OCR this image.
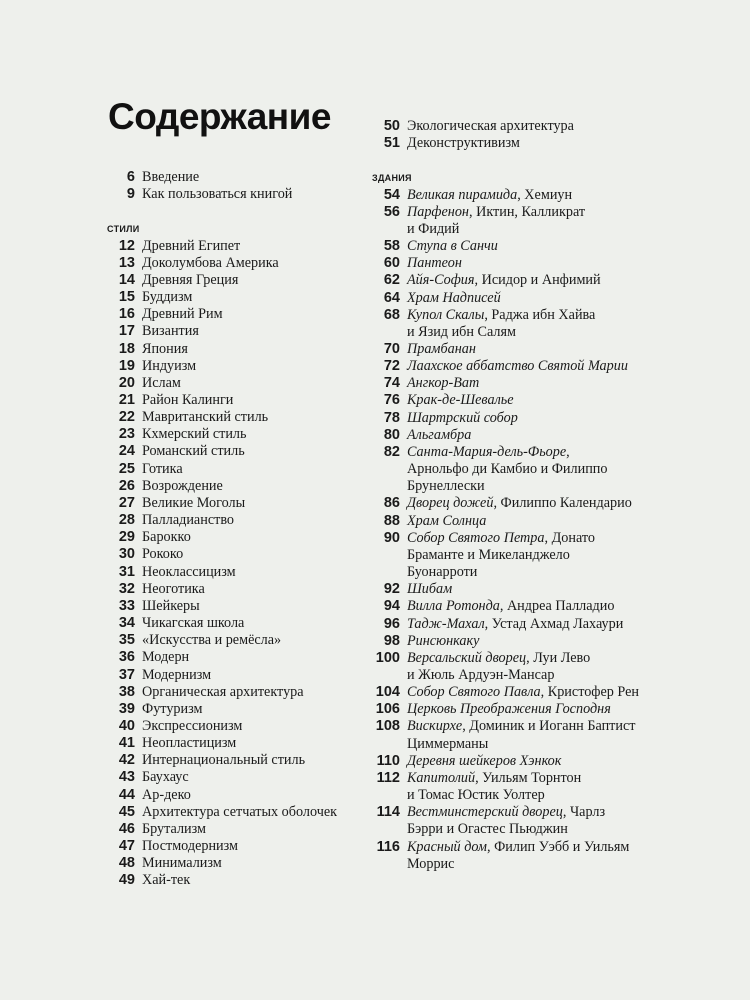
Содержание
6 Введение
9 Как пользоваться книгой
стили
12 Древний Египет
13 Доколумбова Америка
14 Древняя Греция
15 Буддизм
16 Древний Рим
17 Византия
18 Япония
19 Индуизм
20 Ислам
21 Район Калинги
22 Мавританский стиль
23 Кхмерский стиль
24 Романский стиль
25 Готика
26 Возрождение
27 Великие Моголы
28 Палладианство
29 Барокко
30 Рококо
31 Неоклассицизм
32 Неоготика
33 Шейкеры
34 Чикагская школа
35 «Искусства и ремёсла»
36 Модерн
37 Модернизм
38 Органическая архитектура
39 Футуризм
40 Экспрессионизм
41 Неопластицизм
42 Интернациональный стиль
43 Баухаус
44 Ар-деко
45 Архитектура сетчатых оболочек
46 Брутализм
47 Постмодернизм
48 Минимализм
49 Хай-тек
50 Экологическая архитектура
51 Деконструктивизм
здания
54 Великая пирамида, Хемиун
56 Парфенон, Иктин, Калликрат
и Фидий
58 Ступа в Санчи
60 Пантеон
62 Айя-София, Исидор и Анфимий
64 Храм Надписей
68 Купол Скалы, Раджа ибн Хайва
и Язид ибн Салям
70 Прамбанан
72 Лаахское аббатство Святой Марии
74 Ангкор-Ват
76 Крак-де-Шевалье
78 Шартрский собор
80 Альгамбра
82 Санта-Мария-дель-Фьоре,
Арнольфо ди Камбио и Филиппо
Брунеллески
86 Дворец дожей, Филиппо Календарио
88 Храм Солнца
90 Собор Святого Петра, Донато
Браманте и Микеланджело
Буонарроти
92 Шибам
94 Вилла Ротонда, Андреа Палладио
96 Тадж-Махал, Устад Ахмад Лахаури
98 Ринсюнкаку
100 Версальский дворец, Луи Лево
и Жюль Ардуэн-Мансар
104 Собор Святого Павла, Кристофер Рен
106 Церковь Преображения Господня
108 Вискирхе, Доминик и Иоганн Баптист
Циммерманы
110 Деревня шейкеров Хэнкок
112 Капитолий, Уильям Торнтон
и Томас Юстик Уолтер
114 Вестминстерский дворец, Чарлз
Бэрри и Огастес Пьюджин
116 Красный дом, Филип Уэбб и Уильям
Моррис
